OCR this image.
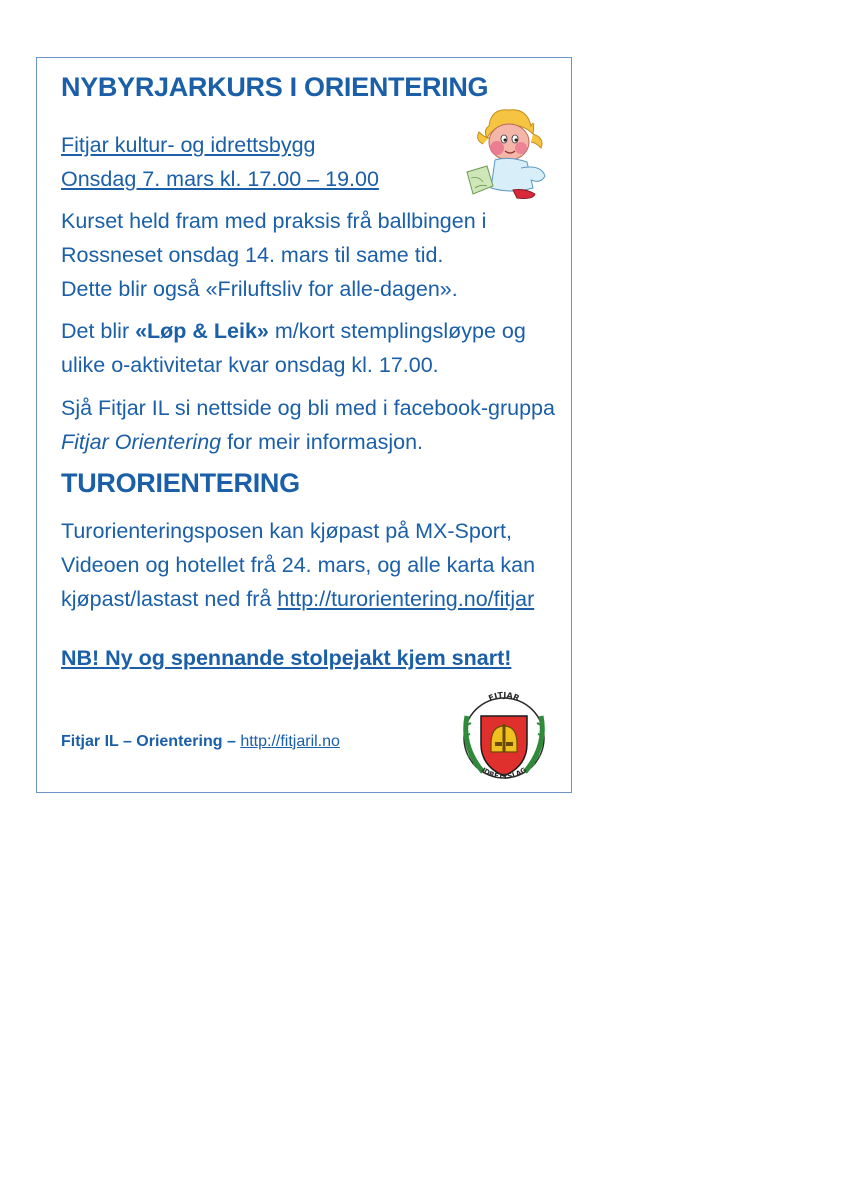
NYBYRJARKURS I ORIENTERING
Fitjar kultur- og idrettsbygg
Onsdag 7. mars kl. 17.00 – 19.00

Kurset held fram med praksis frå ballbingen i
Rossneset onsdag 14. mars til same tid.
Dette blir også «Friluftsliv for alle-dagen».

Det blir «Løp & Leik» m/kort stemplingsløype og
ulike o-aktivitetar kvar onsdag kl. 17.00.

Sjå Fitjar IL si nettside og bli med i facebook-gruppa
Fitjar Orientering for meir informasjon.

TURORIENTERING

Turorienteringsposen kan kjøpast på MX-Sport,
Videoen og hotellet frå 24. mars, og alle karta kan
kjøpast/lastast ned frå http://turorientering.no/fitjar

NB! Ny og spennande stolpejakt kjem snart!

Fitjar IL – Orientering – http://fitjaril.no
FITJAR
IDRETTSLAG
